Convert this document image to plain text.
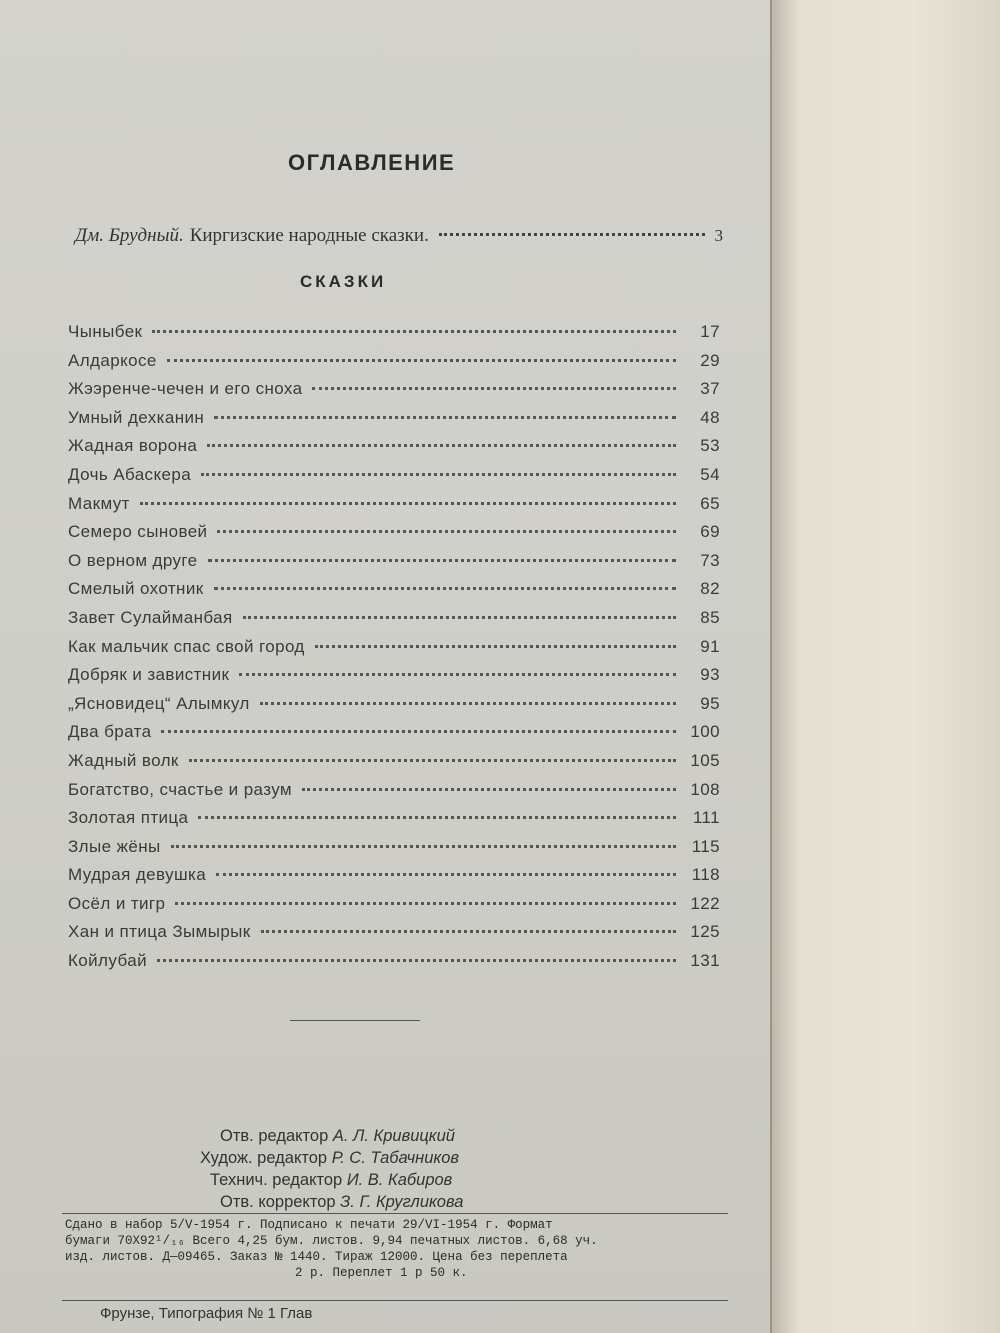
ОГЛАВЛЕНИЕ
Дм. Брудный. Киргизские народные сказки.	3
СКАЗКИ
Чыныбек	17
Алдаркосе	29
Жээренче-чечен и его сноха	37
Умный дехканин	48
Жадная ворона	53
Дочь Абаскера	54
Макмут	65
Семеро сыновей	69
О верном друге	73
Смелый охотник	82
Завет Сулайманбая	85
Как мальчик спас свой город	91
Добряк и завистник	93
„Ясновидец“ Алымкул	95
Два брата	100
Жадный волк	105
Богатство, счастье и разум	108
Золотая птица	111
Злые жёны	115
Мудрая девушка	118
Осёл и тигр	122
Хан и птица Зымырык	125
Койлубай	131
Отв. редактор А. Л. Кривицкий
Худож. редактор Р. С. Табачников
Технич. редактор И. В. Кабиров
Отв. корректор З. Г. Кругликова
Сдано в набор 5/V-1954 г. Подписано к печати 29/VI-1954 г. Формат
бумаги 70Х92¹/₁₆ Всего 4,25 бум. листов. 9,94 печатных листов. 6,68 уч.
изд. листов. Д—09465. Заказ № 1440. Тираж 12000. Цена без переплета
2 р. Переплет 1 р 50 к.
Фрунзе, Типография № 1 Глав
